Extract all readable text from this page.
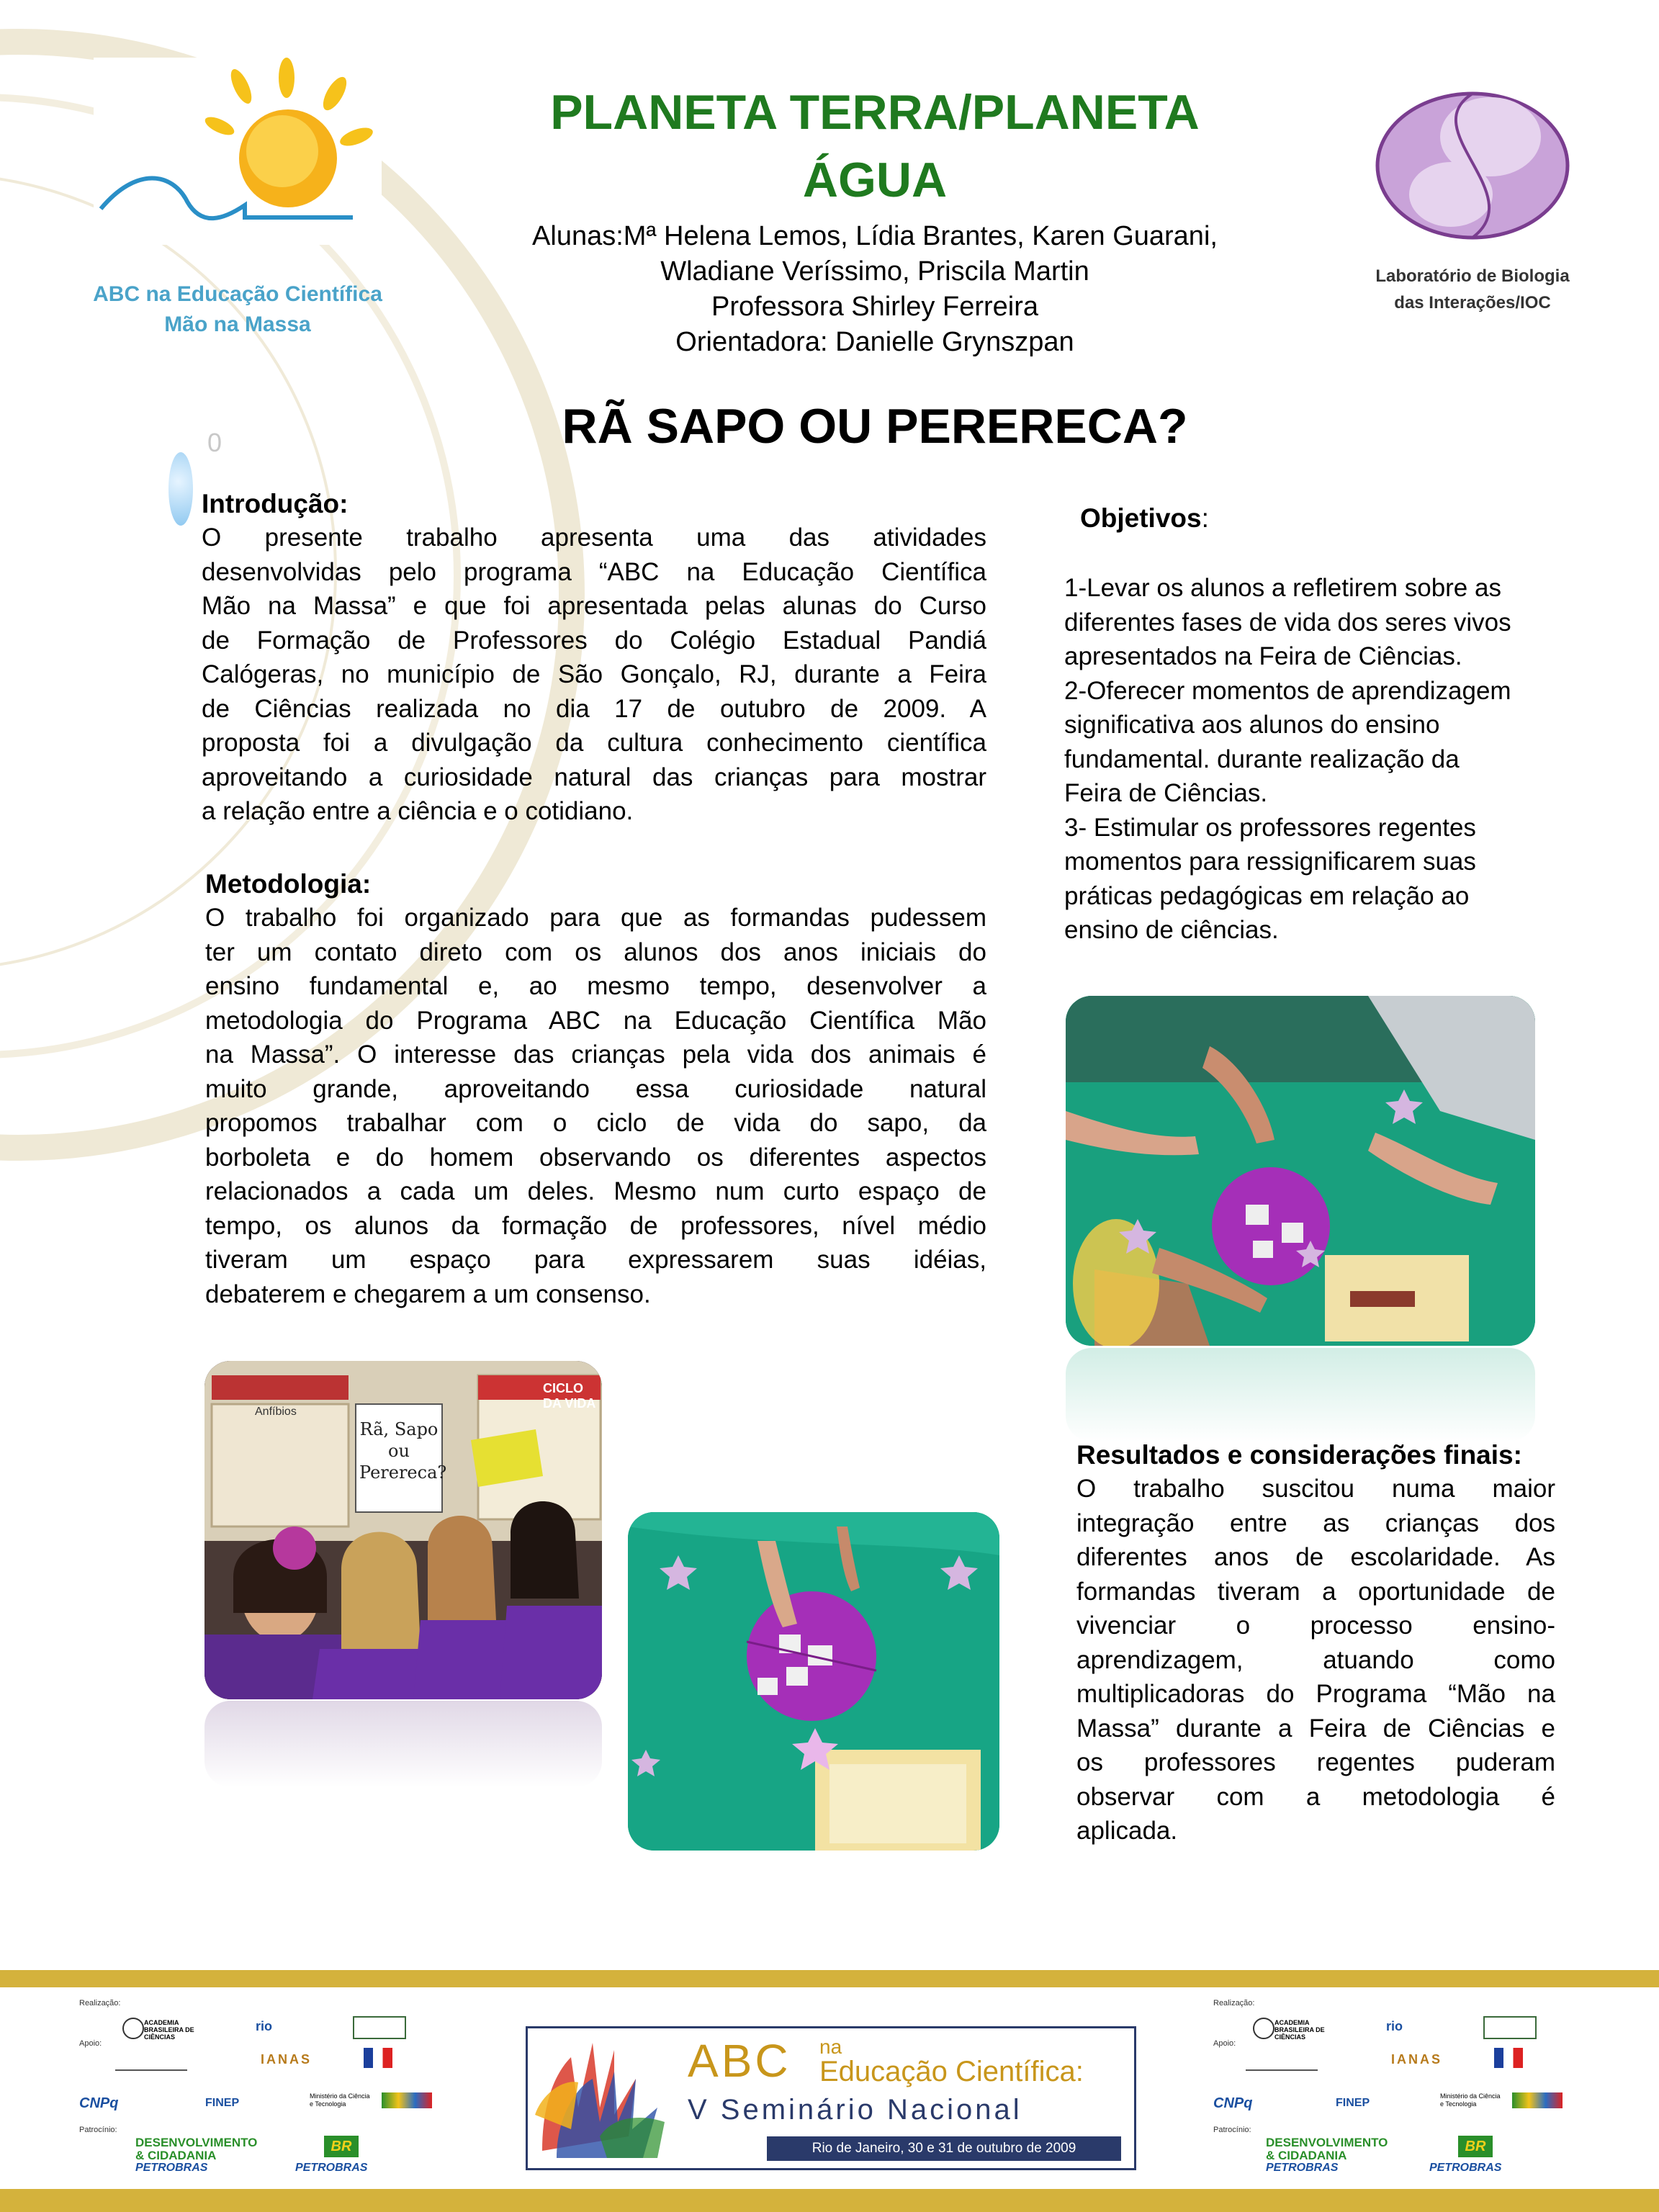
ABC na Educação Científica
Mão na Massa
PLANETA TERRA/PLANETA
ÁGUA
Alunas:Mª Helena Lemos, Lídia Brantes, Karen Guarani,
Wladiane Veríssimo, Priscila Martin
Professora Shirley Ferreira
Orientadora: Danielle Grynszpan
Laboratório de Biologia
das Interações/IOC
RÃ SAPO OU PERERECA?
0
Introdução:
O presente trabalho apresenta uma das atividades
desenvolvidas pelo programa “ABC na Educação Científica
Mão na Massa” e que foi apresentada pelas alunas do Curso
de Formação de Professores do Colégio Estadual Pandiá
Calógeras, no município de São Gonçalo, RJ, durante a Feira
de Ciências realizada no dia 17 de outubro de 2009. A
proposta foi a divulgação da cultura conhecimento científica
aproveitando a curiosidade natural das crianças para mostrar
a relação entre a ciência e o cotidiano.
Metodologia:
O trabalho foi organizado para que as formandas pudessem
ter um contato direto com os alunos dos anos iniciais do
ensino fundamental e, ao mesmo tempo, desenvolver a
metodologia do Programa ABC na Educação Científica Mão
na Massa”. O interesse das crianças pela vida dos animais é
muito grande, aproveitando essa curiosidade natural
propomos trabalhar com o ciclo de vida do sapo, da
borboleta e do homem observando os diferentes aspectos
relacionados a cada um deles. Mesmo num curto espaço de
tempo, os alunos da formação de professores, nível médio
tiveram um espaço para expressarem suas idéias,
debaterem e chegarem a um consenso.
Objetivos:
1-Levar os alunos a refletirem sobre as
diferentes fases de vida dos seres vivos
apresentados na Feira de Ciências.
2-Oferecer momentos de aprendizagem
significativa aos alunos do ensino
fundamental. durante realização da
Feira de Ciências.
3- Estimular os professores regentes
momentos para ressignificarem suas
práticas pedagógicas em relação ao
ensino de ciências.
Resultados e considerações finais:
O trabalho suscitou numa maior
integração entre as crianças dos
diferentes anos de escolaridade. As
formandas tiveram a oportunidade de
vivenciar o processo ensino-
aprendizagem, atuando como
multiplicadoras do Programa “Mão na
Massa” durante a Feira de Ciências e
os professores regentes puderam
observar com a metodologia é
aplicada.
Anfíbios
Rã, Sapo ou Perereca?
CICLO DA VIDA
Realização:
ACADEMIA BRASILEIRA DE CIÊNCIAS
rio
Apoio:
IANAS
CNPq	FINEP
Ministério da Ciência e Tecnologia
Patrocínio:
DESENVOLVIMENTO
& CIDADANIA
PETROBRAS
BR
PETROBRAS
ABC na
Educação Científica:
V Seminário Nacional
Rio de Janeiro, 30 e 31 de outubro de 2009
Realização:
ACADEMIA BRASILEIRA DE CIÊNCIAS
rio
Apoio:
IANAS
CNPq	FINEP
Ministério da Ciência e Tecnologia
Patrocínio:
DESENVOLVIMENTO
& CIDADANIA
PETROBRAS
BR
PETROBRAS
